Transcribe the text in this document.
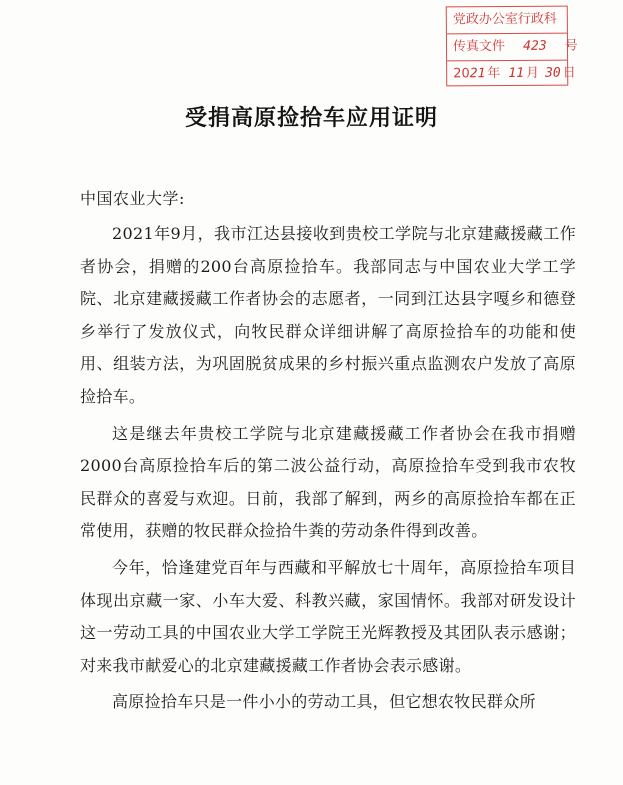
党政办公室行政科
传真文件 423 号
2021 年 11 月 30 日
受捐高原捡拾车应用证明
中国农业大学:

2021年9月，我市江达县接收到贵校工学院与北京建藏援藏工作者协会，捐赠的200台高原捡拾车。我部同志与中国农业大学工学院、北京建藏援藏工作者协会的志愿者，一同到江达县字嘎乡和德登乡举行了发放仪式，向牧民群众详细讲解了高原捡拾车的功能和使用、组装方法，为巩固脱贫成果的乡村振兴重点监测农户发放了高原捡拾车。

这是继去年贵校工学院与北京建藏援藏工作者协会在我市捐赠2000台高原捡拾车后的第二波公益行动，高原捡拾车受到我市农牧民群众的喜爱与欢迎。日前，我部了解到，两乡的高原捡拾车都在正常使用，获赠的牧民群众捡拾牛粪的劳动条件得到改善。

今年，恰逢建党百年与西藏和平解放七十周年，高原捡拾车项目体现出京藏一家、小车大爱、科教兴藏，家国情怀。我部对研发设计这一劳动工具的中国农业大学工学院王光辉教授及其团队表示感谢；对来我市献爱心的北京建藏援藏工作者协会表示感谢。

高原捡拾车只是一件小小的劳动工具，但它想农牧民群众所
